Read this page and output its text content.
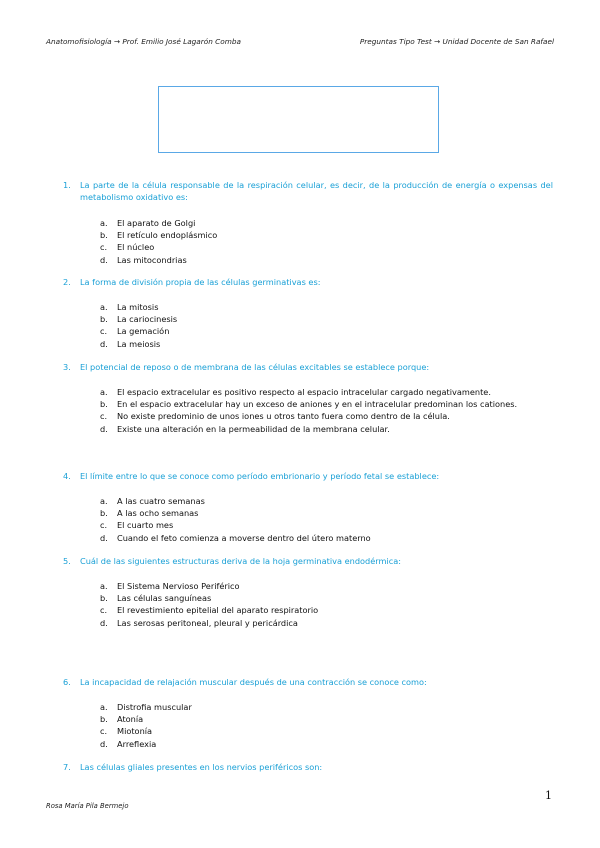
Anatomofisiología → Prof. Emilio José Lagarón Comba	Preguntas Tipo Test → Unidad Docente de San Rafael
1.	La parte de la célula responsable de la respiración celular, es decir, de la producción de energía o expensas del metabolismo oxidativo es:
a. El aparato de Golgi
b. El retículo endoplásmico
c. El núcleo
d. Las mitocondrias
2.	La forma de división propia de las células germinativas es:
a. La mitosis
b. La cariocinesis
c. La gemación
d. La meiosis
3.	El potencial de reposo o de membrana de las células excitables se establece porque:
a. El espacio extracelular es positivo respecto al espacio intracelular cargado negativamente.
b. En el espacio extracelular hay un exceso de aniones y en el intracelular predominan los cationes.
c. No existe predominio de unos iones u otros tanto fuera como dentro de la célula.
d. Existe una alteración en la permeabilidad de la membrana celular.
4.	El límite entre lo que se conoce como período embrionario y período fetal se establece:
a. A las cuatro semanas
b. A las ocho semanas
c. El cuarto mes
d. Cuando el feto comienza a moverse dentro del útero materno
5.	Cuál de las siguientes estructuras deriva de la hoja germinativa endodérmica:
a. El Sistema Nervioso Periférico
b. Las células sanguíneas
c. El revestimiento epitelial del aparato respiratorio
d. Las serosas peritoneal, pleural y pericárdica
6.	La incapacidad de relajación muscular después de una contracción se conoce como:
a. Distrofia muscular
b. Atonía
c. Miotonía
d. Arreflexia
7.	Las células gliales presentes en los nervios periféricos son:
1
Rosa María Pila Bermejo
